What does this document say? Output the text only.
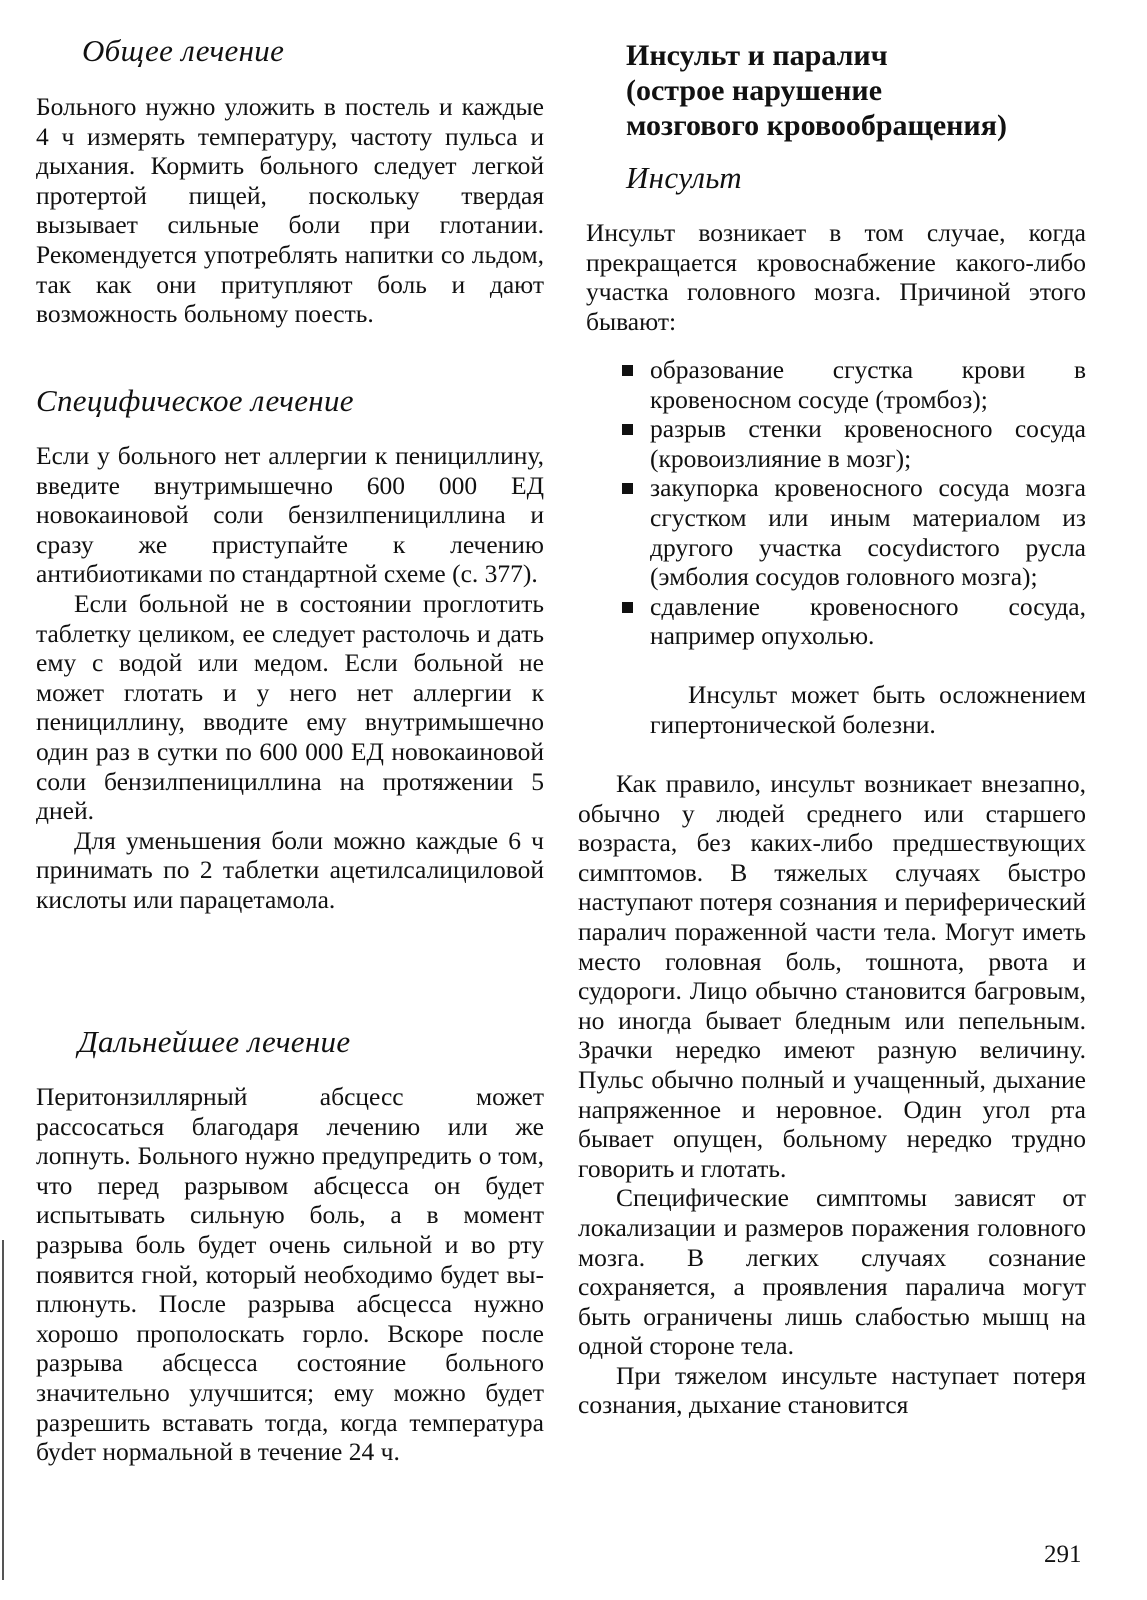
Общее лечение

Больного нужно уложить в постель и каждые 4 ч измерять температуру, частоту пульса и дыхания. Кормить больного следует легкой протертой пищей, поскольку твердая вызывает сильные боли при глотании. Рекомендуется употреблять напитки со льдом, так как они притупляют боль и дают возможность больному поесть.

Специфическое лечение

Если у больного нет аллергии к пенициллину, введите внутримышечно 600 000 ЕД новокаиновой соли бензилпенициллина и сразу же приступайте к лечению антибиотиками по стандартной схеме (с. 377).

Если больной не в состоянии проглотить таблетку целиком, ее следует растолочь и дать ему с водой или медом. Если больной не может глотать и у него нет аллергии к пенициллину, вводите ему внутримышечно один раз в сутки по 600 000 ЕД новокаиновой соли бензилпенициллина на протяжении 5 дней.

Для уменьшения боли можно каждые 6 ч принимать по 2 таблетки ацетилсалициловой кислоты или парацетамола.

Дальнейшее лечение

Перитонзиллярный абсцесс может рассосаться благодаря лечению или же лопнуть. Больного нужно предупредить о том, что перед разрывом абсцесса он будет испытывать сильную боль, а в момент разрыва боль будет очень сильной и во рту появится гной, который необходимо будет выплюнуть. После разрыва абсцесса нужно хорошо прополоскать горло. Вскоре после разрыва абсцесса состояние больного значительно улучшится; ему можно будет разрешить вставать тогда, когда температура буdет нормальной в течение 24 ч.

Инсульт и паралич
(острое нарушение
мозгового кровообращения)
Инсульт

Инсульт возникает в том случае, когда прекращается кровоснабжение какого-либо участка головного мозга. Причиной этого бывают:

образование сгустка крови в кровеносном сосуде (тромбоз);
разрыв стенки кровеносного сосуда (кровоизлияние в мозг);
закупорка кровеносного сосуда мозга сгустком или иным материалом из другого участка сосуdистого русла (эмболия сосудов головного мозга);
сдавление кровеносного сосуда, например опухолью.

Инсульт может быть осложнением гипертонической болезни.

Как правило, инсульт возникает внезапно, обычно у людей среднего или старшего возраста, без каких-либо предшествующих симптомов. В тяжелых случаях быстро наступают потеря сознания и периферический паралич пораженной части тела. Могут иметь место головная боль, тошнота, рвота и судороги. Лицо обычно становится багровым, но иногда бывает бледным или пепельным. Зрачки нередко имеют разную величину. Пульс обычно полный и учащенный, дыхание напряженное и неровное. Один угол рта бывает опущен, больному нередко трудно говорить и глотать.

Специфические симптомы зависят от локализации и размеров поражения головного мозга. В легких случаях сознание сохраняется, а проявления паралича могут быть ограничены лишь слабостью мышц на одной стороне тела.

При тяжелом инсульте наступает потеря сознания, дыхание становится

291
